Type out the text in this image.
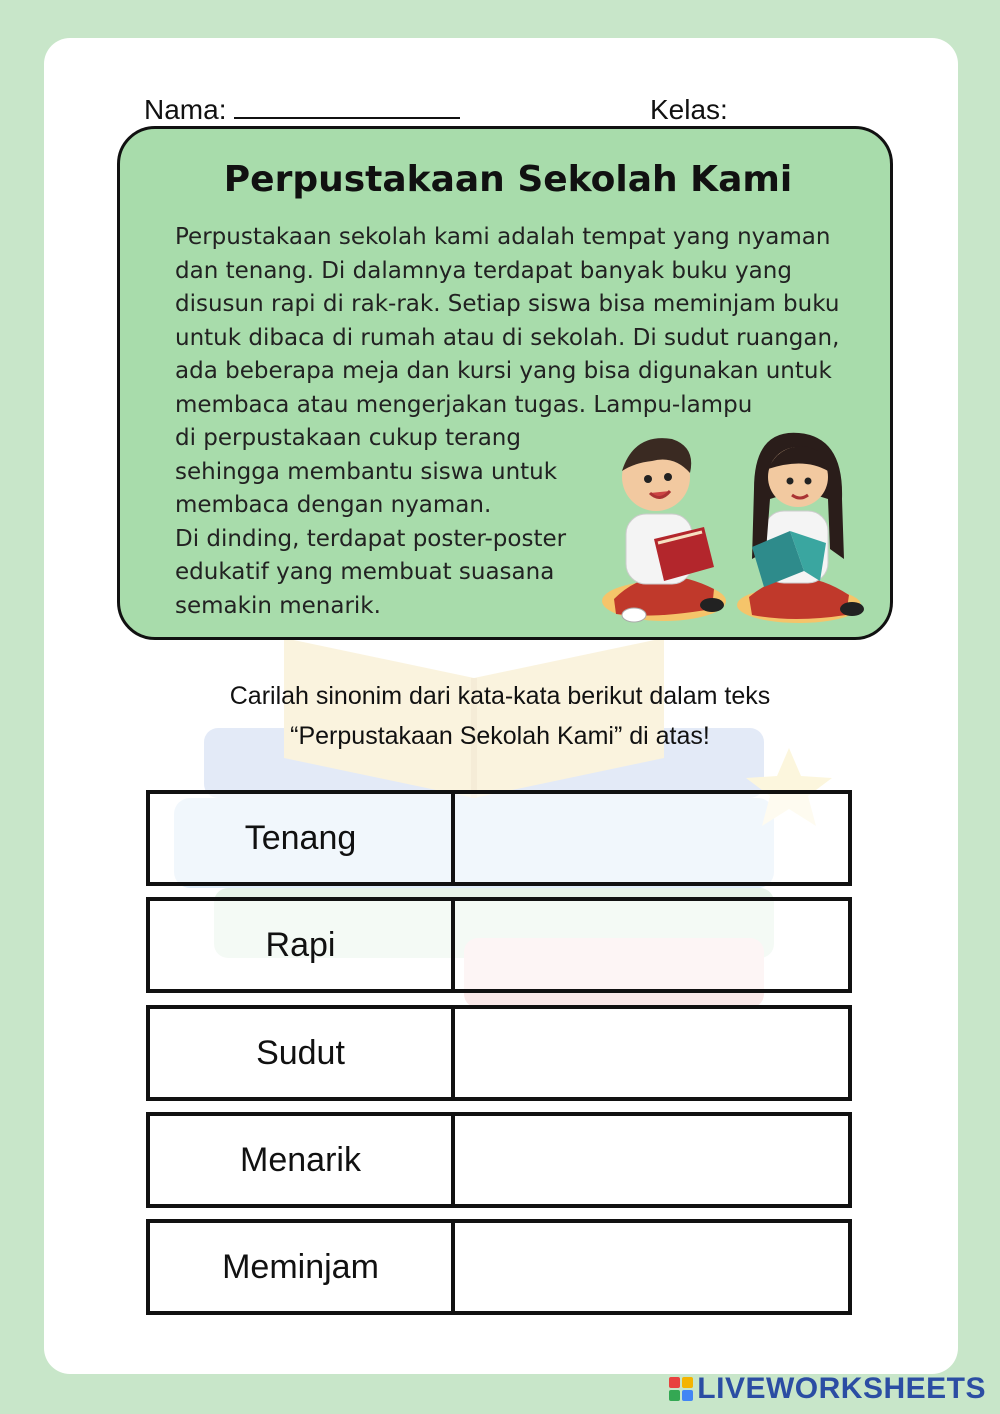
Nama:	Kelas:
Perpustakaan Sekolah Kami
Perpustakaan sekolah kami adalah tempat yang nyaman
dan tenang. Di dalamnya terdapat banyak buku yang
disusun rapi di rak-rak. Setiap siswa bisa meminjam buku
untuk dibaca di rumah atau di sekolah. Di sudut ruangan,
ada beberapa meja dan kursi yang bisa digunakan untuk
membaca atau mengerjakan tugas. Lampu-lampu
di perpustakaan cukup terang
sehingga membantu siswa untuk
membaca dengan nyaman.
Di dinding, terdapat poster-poster
edukatif yang membuat suasana
semakin menarik.
Carilah sinonim dari kata-kata berikut dalam teks
“Perpustakaan Sekolah Kami” di atas!
Tenang
Rapi
Sudut
Menarik
Meminjam
LIVEWORKSHEETS
